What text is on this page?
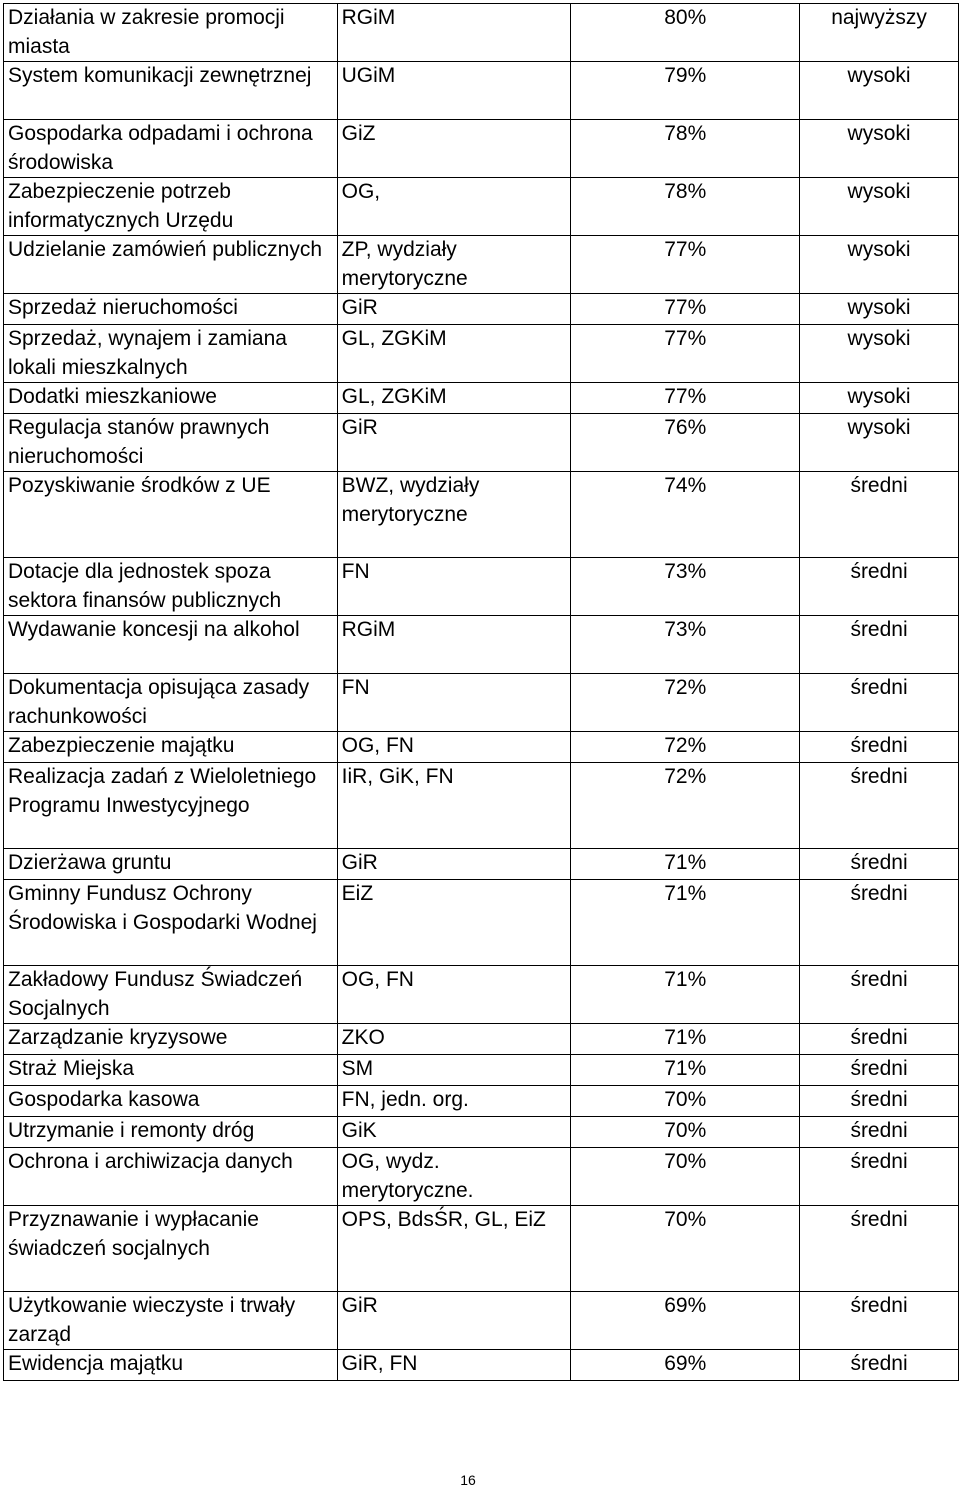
Działania w zakresie promocji miasta	RGiM	80%	najwyższy
System komunikacji zewnętrznej	UGiM	79%	wysoki
Gospodarka odpadami i ochrona środowiska	GiZ	78%	wysoki
Zabezpieczenie potrzeb informatycznych Urzędu	OG,	78%	wysoki
Udzielanie zamówień publicznych	ZP, wydziały merytoryczne	77%	wysoki
Sprzedaż nieruchomości	GiR	77%	wysoki
Sprzedaż, wynajem i zamiana lokali mieszkalnych	GL, ZGKiM	77%	wysoki
Dodatki mieszkaniowe	GL, ZGKiM	77%	wysoki
Regulacja stanów prawnych nieruchomości	GiR	76%	wysoki
Pozyskiwanie środków z UE	BWZ, wydziały merytoryczne	74%	średni
Dotacje dla jednostek spoza sektora finansów publicznych	FN	73%	średni
Wydawanie koncesji na alkohol	RGiM	73%	średni
Dokumentacja opisująca zasady rachunkowości	FN	72%	średni
Zabezpieczenie majątku	OG, FN	72%	średni
Realizacja zadań z Wieloletniego Programu Inwestycyjnego	IiR, GiK, FN	72%	średni
Dzierżawa gruntu	GiR	71%	średni
Gminny Fundusz Ochrony Środowiska i Gospodarki Wodnej	EiZ	71%	średni
Zakładowy Fundusz Świadczeń Socjalnych	OG, FN	71%	średni
Zarządzanie kryzysowe	ZKO	71%	średni
Straż Miejska	SM	71%	średni
Gospodarka kasowa	FN, jedn. org.	70%	średni
Utrzymanie i remonty dróg	GiK	70%	średni
Ochrona i archiwizacja danych	OG, wydz. merytoryczne.	70%	średni
Przyznawanie i wypłacanie świadczeń socjalnych	OPS, BdsŚR, GL, EiZ	70%	średni
Użytkowanie wieczyste i trwały zarząd	GiR	69%	średni
Ewidencja majątku	GiR, FN	69%	średni
16
